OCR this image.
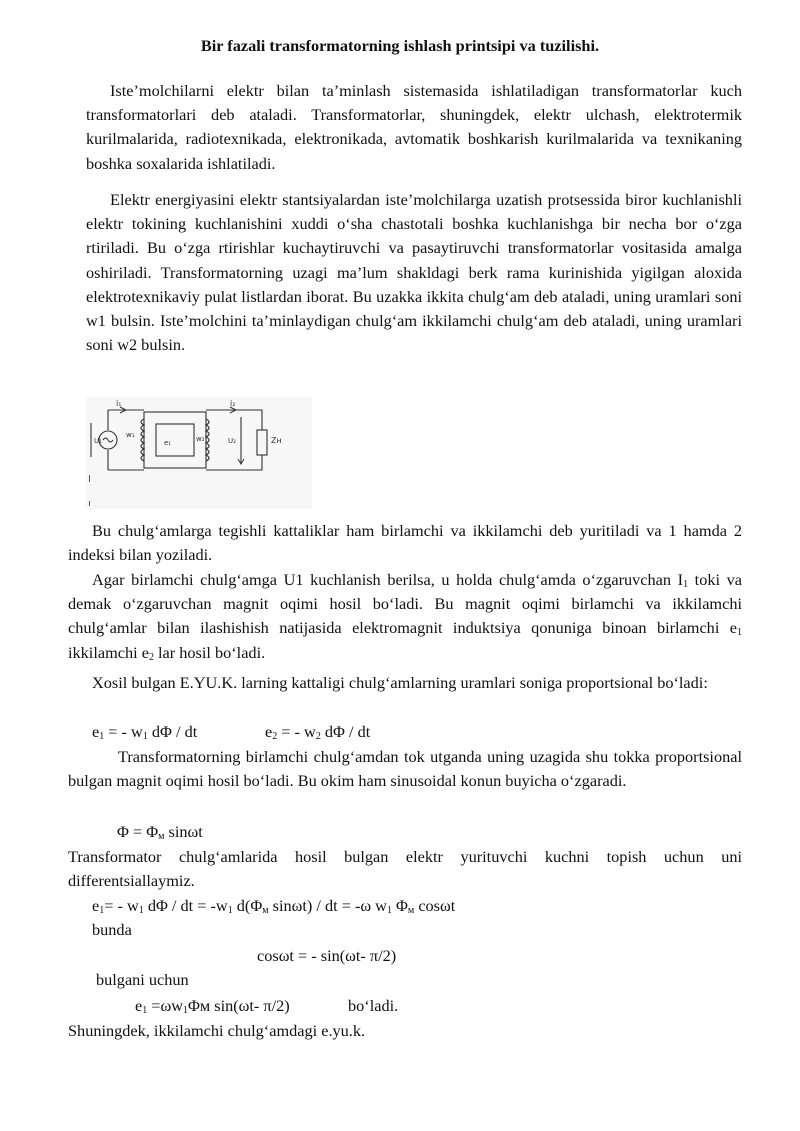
Bir fazali transformatorning ishlash printsipi va tuzilishi.

Iste’molchilarni elektr bilan ta’minlash sistemasida ishlatiladigan transformatorlar kuch transformatorlari deb ataladi. Transformatorlar, shuningdek, elektr ulchash, elektrotermik kurilmalarida, radiotexnikada, elektronikada, avtomatik boshkarish kurilmalarida va texnikaning boshka soxalarida ishlatiladi.

Elektr energiyasini elektr stantsiyalardan iste’molchilarga uzatish protsessida biror kuchlanishli elektr tokining kuchlanishini xuddi o‘sha chastotali boshka kuchlanishga bir necha bor o‘zga rtiriladi. Bu o‘zga rtirishlar kuchaytiruvchi va pasaytiruvchi transformatorlar vositasida amalga oshiriladi. Transformatorning uzagi ma’lum shakldagi berk rama kurinishida yigilgan aloxida elektrotexnikaviy pulat listlardan iborat. Bu uzakka ikkita chulg‘am deb ataladi, uning uramlari soni w1 bulsin. Iste’molchini ta’minlaydigan chulg‘am ikkilamchi chulg‘am deb ataladi, uning uramlari soni w2 bulsin.

i₁
U₁
w₁
e₁
i₂
w₂	U₂	Zн

Bu chulg‘amlarga tegishli kattaliklar ham birlamchi va ikkilamchi deb yuritiladi va 1 hamda 2 indeksi bilan yoziladi.

Agar birlamchi chulg‘amga U1 kuchlanish berilsa, u holda chulg‘amda o‘zgaruvchan $I_1$ toki va demak o‘zgaruvchan magnit oqimi hosil bo‘ladi. Bu magnit oqimi birlamchi va ikkilamchi chulg‘amlar bilan ilashishish natijasida elektromagnit induktsiya qonuniga binoan birlamchi $e_1$ ikkilamchi $e_2$ lar hosil bo‘ladi.

Xosil bulgan E.YU.K. larning kattaligi chulg‘amlarning uramlari soniga proportsional bo‘ladi:

$e_1$ = - $w_1$ dΦ / dt	$e_2$ = - $w_2$ dΦ / dt

Transformatorning birlamchi chulg‘amdan tok utganda uning uzagida shu tokka proportsional bulgan magnit oqimi hosil bo‘ladi. Bu okim ham sinusoidal konun buyicha o‘zgaradi.

$\Phi = \Phi_м$ sinωt

Transformator chulg‘amlarida hosil bulgan elektr yurituvchi kuchni topish uchun uni differentsiallaymiz.

$e_1= - w_1$ dΦ / dt = $-w_1$ $d(\Phi_м$ sinωt) / dt = -ω $w_1$ $\Phi_м$ cosωt
bunda
cosωt = - sin(ωt- π/2)
bulgani uchun
$e_1 =\omega w_1\Phi м$ sin(ωt- π/2)	bo‘ladi.
Shuningdek, ikkilamchi chulg‘amdagi e.yu.k.
